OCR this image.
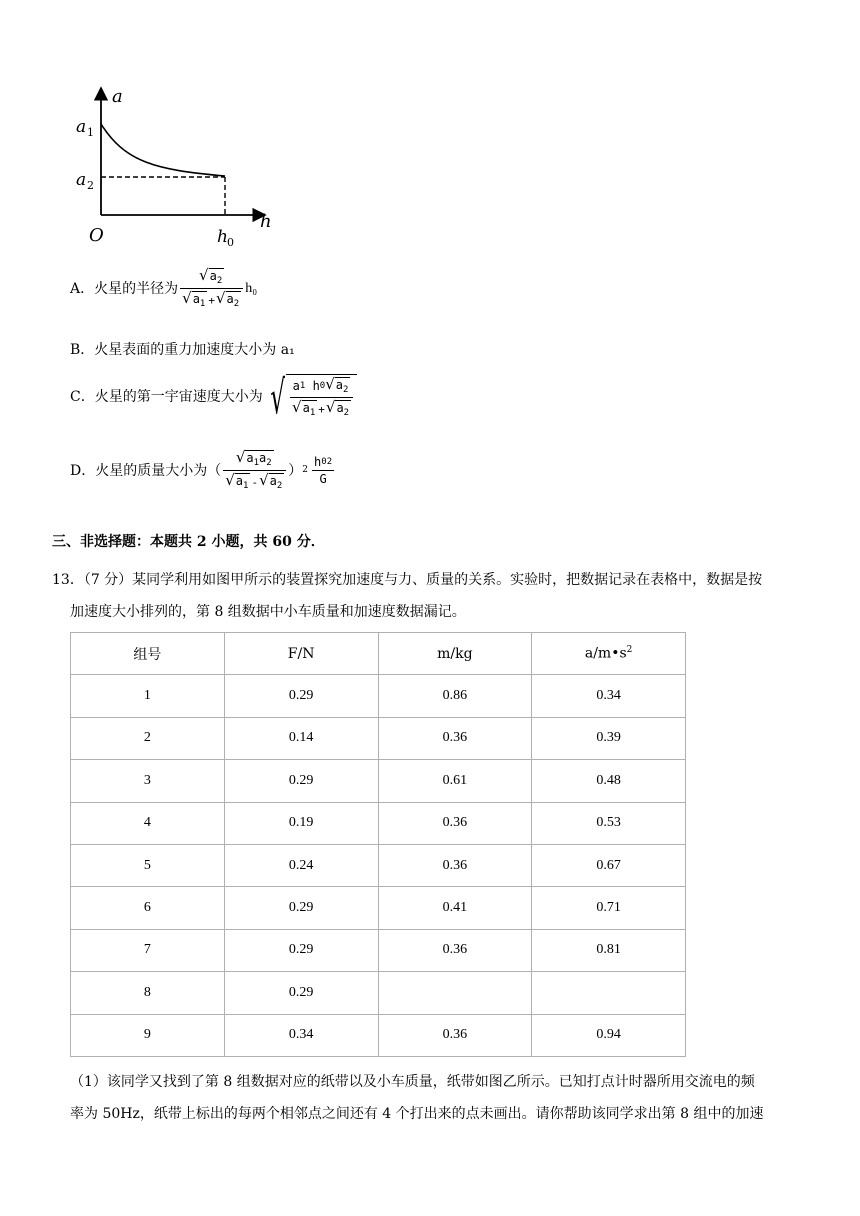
a
h
O
a 1
a 2
h 0
A．火星的半径为 $\frac{√ a_2}{√ a_1 + √ a_2} h_0$
B．火星表面的重力加速度大小为 a₁
C．火星的第一宇宙速度大小为 √ a 1
h 0 √ $a_2$
√ $a_1$ + √ $a_2$
D．火星的质量大小为（ $\frac{√ a_1a_2}{√ a_1 - √ a_2}$ ） $2 \frac{h 0 2}{G}$
三、非选择题：本题共 2 小题，共 60 分．
13．（7 分）某同学利用如图甲所示的装置探究加速度与力、质量的关系。实验时，把数据记录在表格中，数据是按
加速度大小排列的，第 8 组数据中小车质量和加速度数据漏记。
组号	F/N	m/kg	$a/m•s^2$
1	0.29	0.86	0.34
2	0.14	0.36	0.39
3	0.29	0.61	0.48
4	0.19	0.36	0.53
5	0.24	0.36	0.67
6	0.29	0.41	0.71
7	0.29	0.36	0.81
8	0.29		
9	0.34	0.36	0.94
（1）该同学又找到了第 8 组数据对应的纸带以及小车质量，纸带如图乙所示。已知打点计时器所用交流电的频
率为 50Hz，纸带上标出的每两个相邻点之间还有 4 个打出来的点未画出。请你帮助该同学求出第 8 组中的加速
